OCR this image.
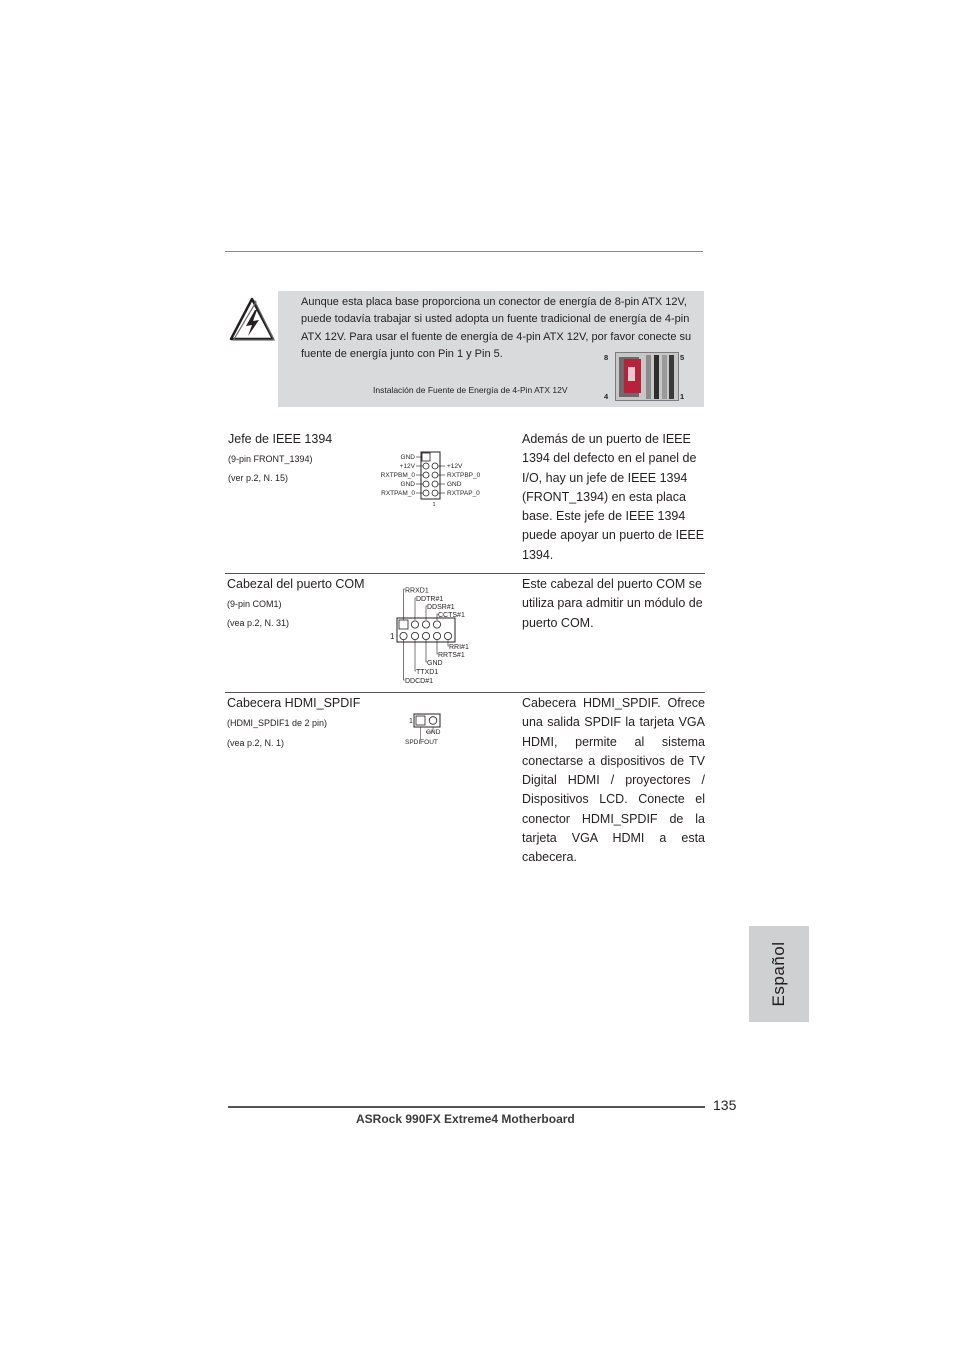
Aunque esta placa base proporciona un conector de energía de 8-pin ATX 12V, puede todavía trabajar si usted adopta un fuente tradicional de energía de 4-pin ATX 12V. Para usar el fuente de energía de 4-pin ATX 12V, por favor conecte su fuente de energía junto con Pin 1 y Pin 5.
Instalación de Fuente de Energía de 4-Pin ATX 12V
8	5
4	1
Jefe de IEEE 1394
(9-pin FRONT_1394)
(ver p.2, N. 15)
GND
+12V
RXTPBM_0
GND
RXTPAM_0
+12V
RXTPBP_0
GND
RXTPAP_0
1
Además de un puerto de IEEE 1394 del defecto en el panel de I/O, hay un jefe de IEEE 1394 (FRONT_1394) en esta placa base. Este jefe de IEEE 1394 puede apoyar un puerto de IEEE 1394.
Cabezal del puerto COM
(9-pin COM1)
(vea p.2, N. 31)
RRXD1
DDTR#1
DDSR#1
CCTS#1
RRI#1
RRTS#1
GND
TTXD1
DDCD#1
1
Este cabezal del puerto COM se utiliza para admitir un módulo de puerto COM.
Cabecera HDMI_SPDIF
(HDMI_SPDIF1 de 2 pin)
(vea p.2, N. 1)
GND
SPDIFOUT
1
Cabecera HDMI_SPDIF. Ofrece una salida SPDIF la tarjeta VGA HDMI, permite al sistema conectarse a dispositivos de TV Digital HDMI / proyectores / Dispositivos LCD. Conecte el conector HDMI_SPDIF de la tarjeta VGA HDMI a esta cabecera.
Español
135
ASRock 990FX Extreme4 Motherboard
